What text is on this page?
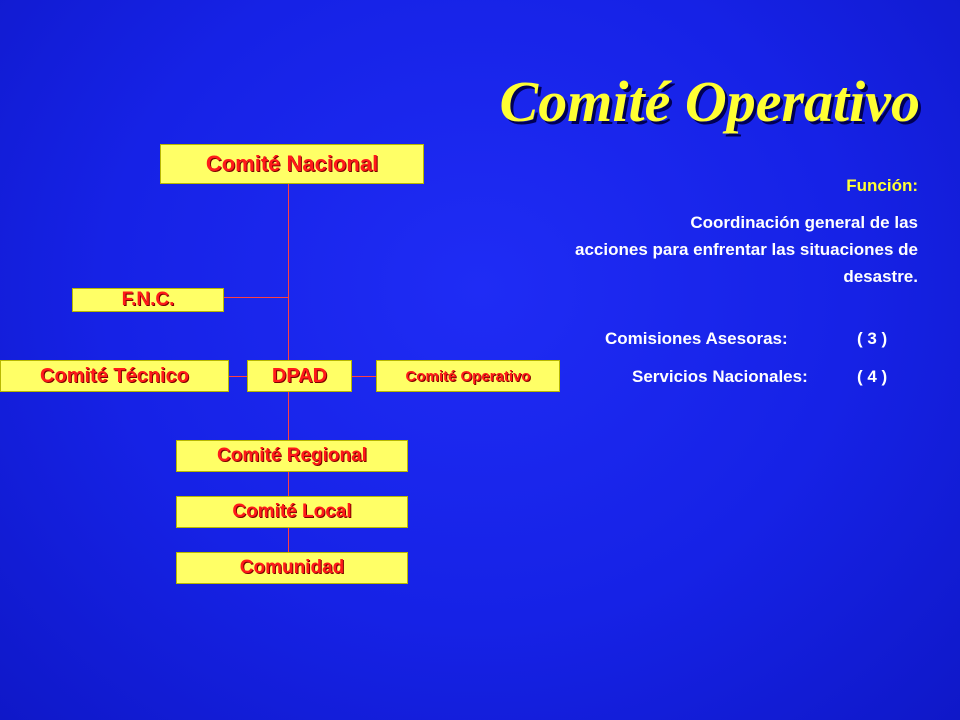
Comité Operativo
Comité Nacional
F.N.C.
Comité Técnico	DPAD	Comité Operativo
Comité Regional
Comité Local
Comunidad
Función:
Coordinación general de las
acciones para enfrentar las situaciones de
desastre.
Comisiones Asesoras:	( 3 )
Servicios Nacionales:	( 4 )
